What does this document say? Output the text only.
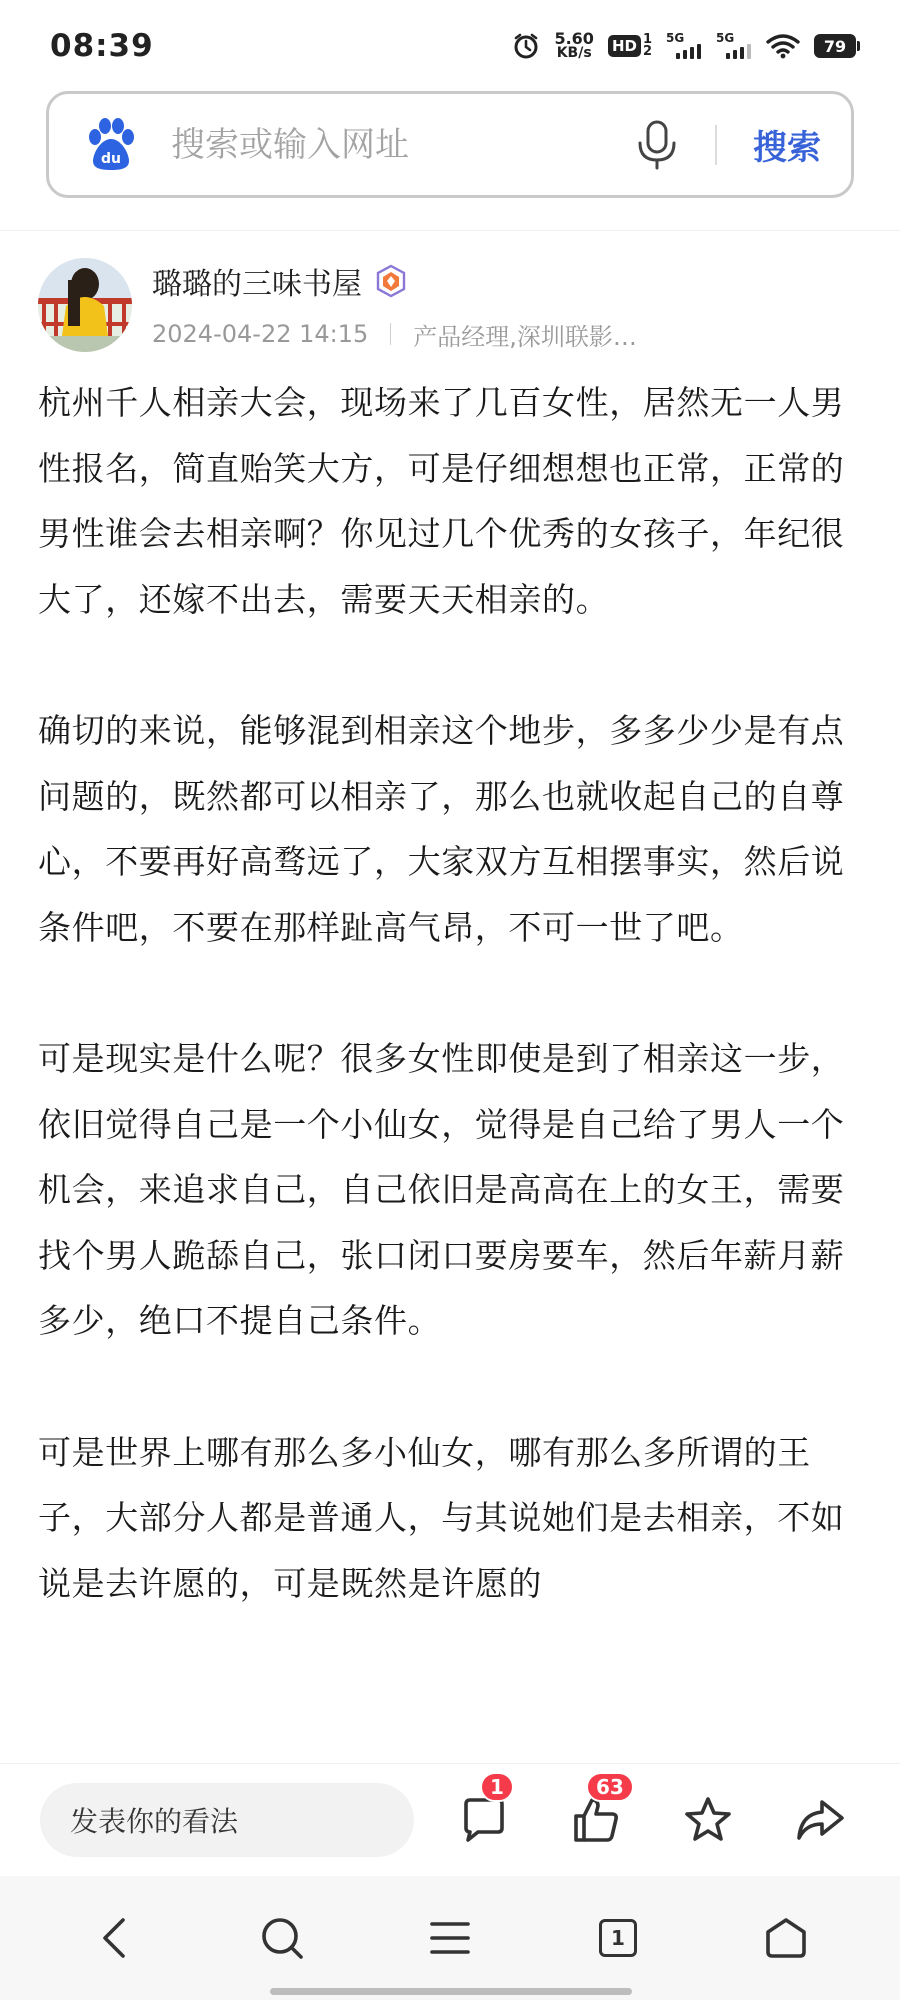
08:39	5.60
KB/s HD 1
2
5G	5G	79
du
搜索或输入网址	搜索
璐璐的三味书屋
2024-04-22 14:15 产品经理,深圳联影…

杭州千人相亲大会，现场来了几百女性，居然无一人男性报名，简直贻笑大方，可是仔细想想也正常，正常的男性谁会去相亲啊？你见过几个优秀的女孩子，年纪很大了，还嫁不出去，需要天天相亲的。

确切的来说，能够混到相亲这个地步，多多少少是有点问题的，既然都可以相亲了，那么也就收起自己的自尊心，不要再好高骛远了，大家双方互相摆事实，然后说条件吧，不要在那样趾高气昂，不可一世了吧。

可是现实是什么呢？很多女性即使是到了相亲这一步，依旧觉得自己是一个小仙女，觉得是自己给了男人一个机会，来追求自己，自己依旧是高高在上的女王，需要找个男人跪舔自己，张口闭口要房要车，然后年薪月薪多少，绝口不提自己条件。

可是世界上哪有那么多小仙女，哪有那么多所谓的王子，大部分人都是普通人，与其说她们是去相亲，不如说是去许愿的，可是既然是许愿的

发表你的看法
1	63
1
